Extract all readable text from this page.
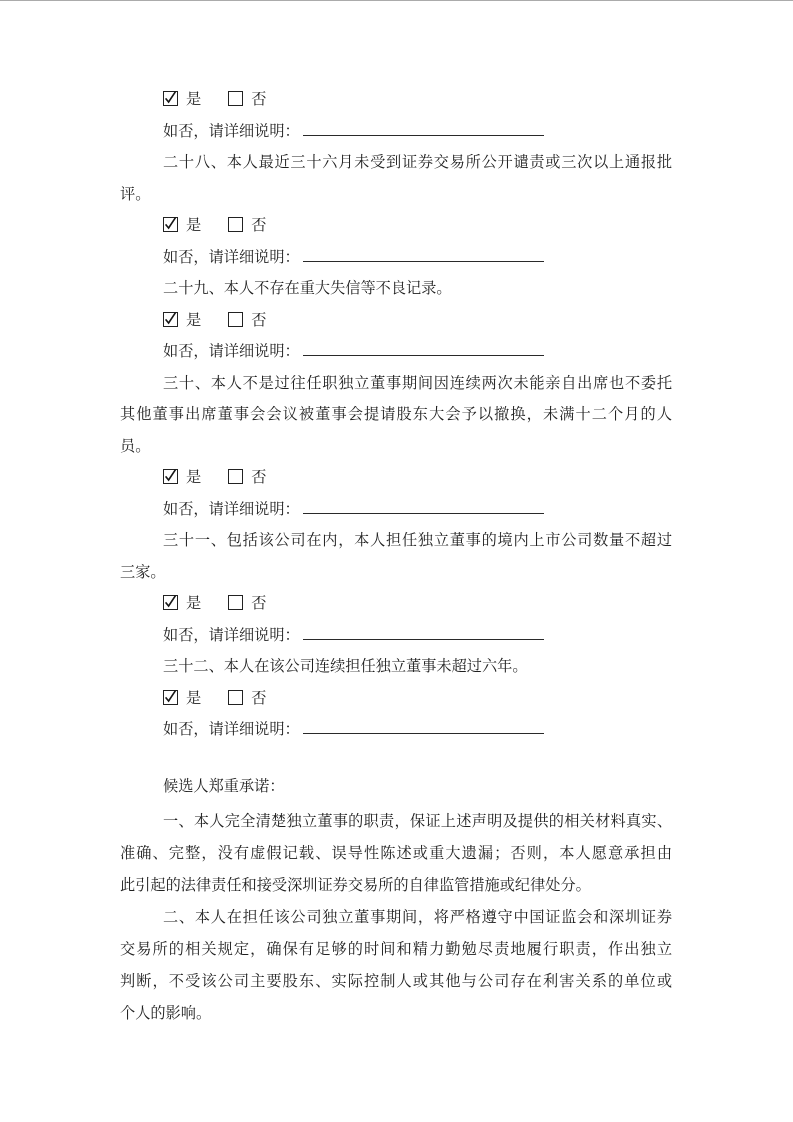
是	否
如否，请详细说明：
二十八、本人最近三十六月未受到证券交易所公开谴责或三次以上通报批
评。
是	否
如否，请详细说明：
二十九、本人不存在重大失信等不良记录。
是	否
如否，请详细说明：
三十、本人不是过往任职独立董事期间因连续两次未能亲自出席也不委托
其他董事出席董事会会议被董事会提请股东大会予以撤换，未满十二个月的人
员。
是	否
如否，请详细说明：
三十一、包括该公司在内，本人担任独立董事的境内上市公司数量不超过
三家。
是	否
如否，请详细说明：
三十二、本人在该公司连续担任独立董事未超过六年。
是	否
如否，请详细说明：
候选人郑重承诺：
一、本人完全清楚独立董事的职责，保证上述声明及提供的相关材料真实、
准确、完整，没有虚假记载、误导性陈述或重大遗漏；否则，本人愿意承担由
此引起的法律责任和接受深圳证券交易所的自律监管措施或纪律处分。
二、本人在担任该公司独立董事期间，将严格遵守中国证监会和深圳证券
交易所的相关规定，确保有足够的时间和精力勤勉尽责地履行职责，作出独立
判断，不受该公司主要股东、实际控制人或其他与公司存在利害关系的单位或
个人的影响。
